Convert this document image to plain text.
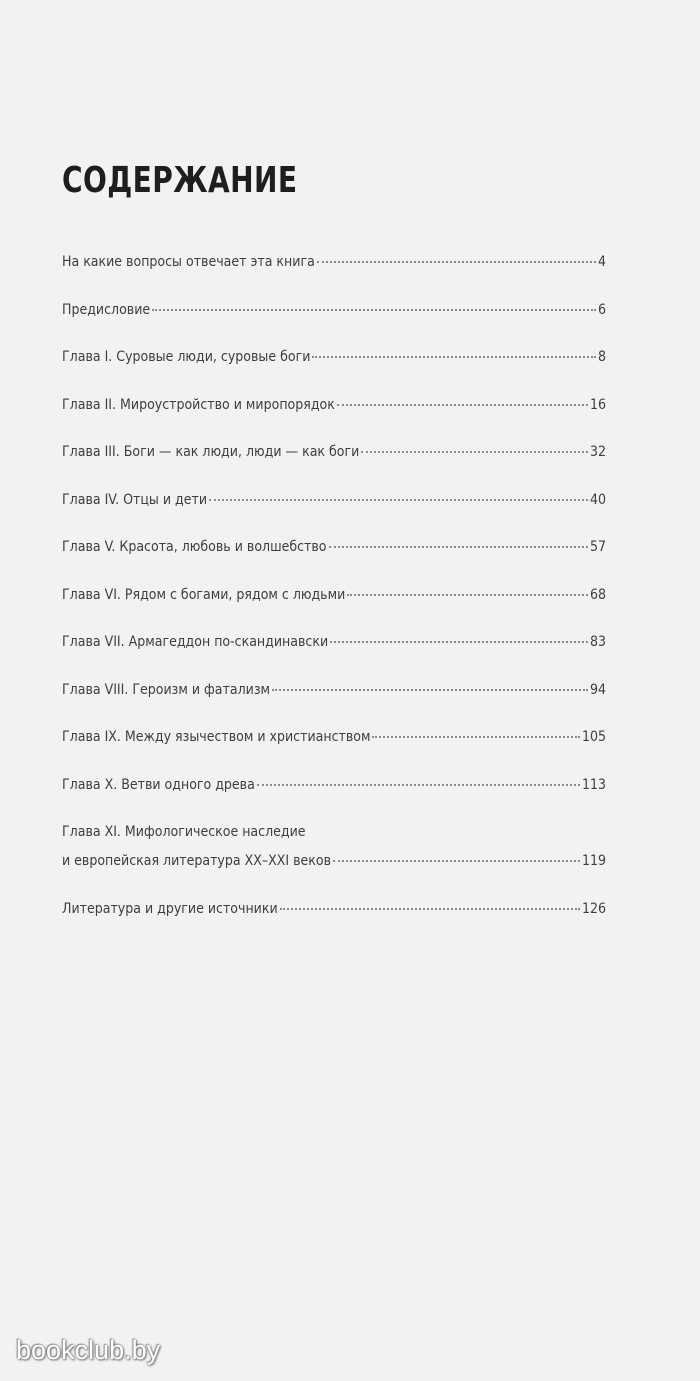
СОДЕРЖАНИЕ
На какие вопросы отвечает эта книга	4
Предисловие	6
Глава I. Суровые люди, суровые боги	8
Глава II. Мироустройство и миропорядок	16
Глава III. Боги — как люди, люди — как боги	32
Глава IV. Отцы и дети	40
Глава V. Красота, любовь и волшебство	57
Глава VI. Рядом с богами, рядом с людьми	68
Глава VII. Армагеддон по-скандинавски	83
Глава VIII. Героизм и фатализм	94
Глава IX. Между язычеством и христианством	105
Глава X. Ветви одного древа	113
Глава XI. Мифологическое наследие
и европейская литература XX–XXI веков	119
Литература и другие источники	126
bookclub.by
